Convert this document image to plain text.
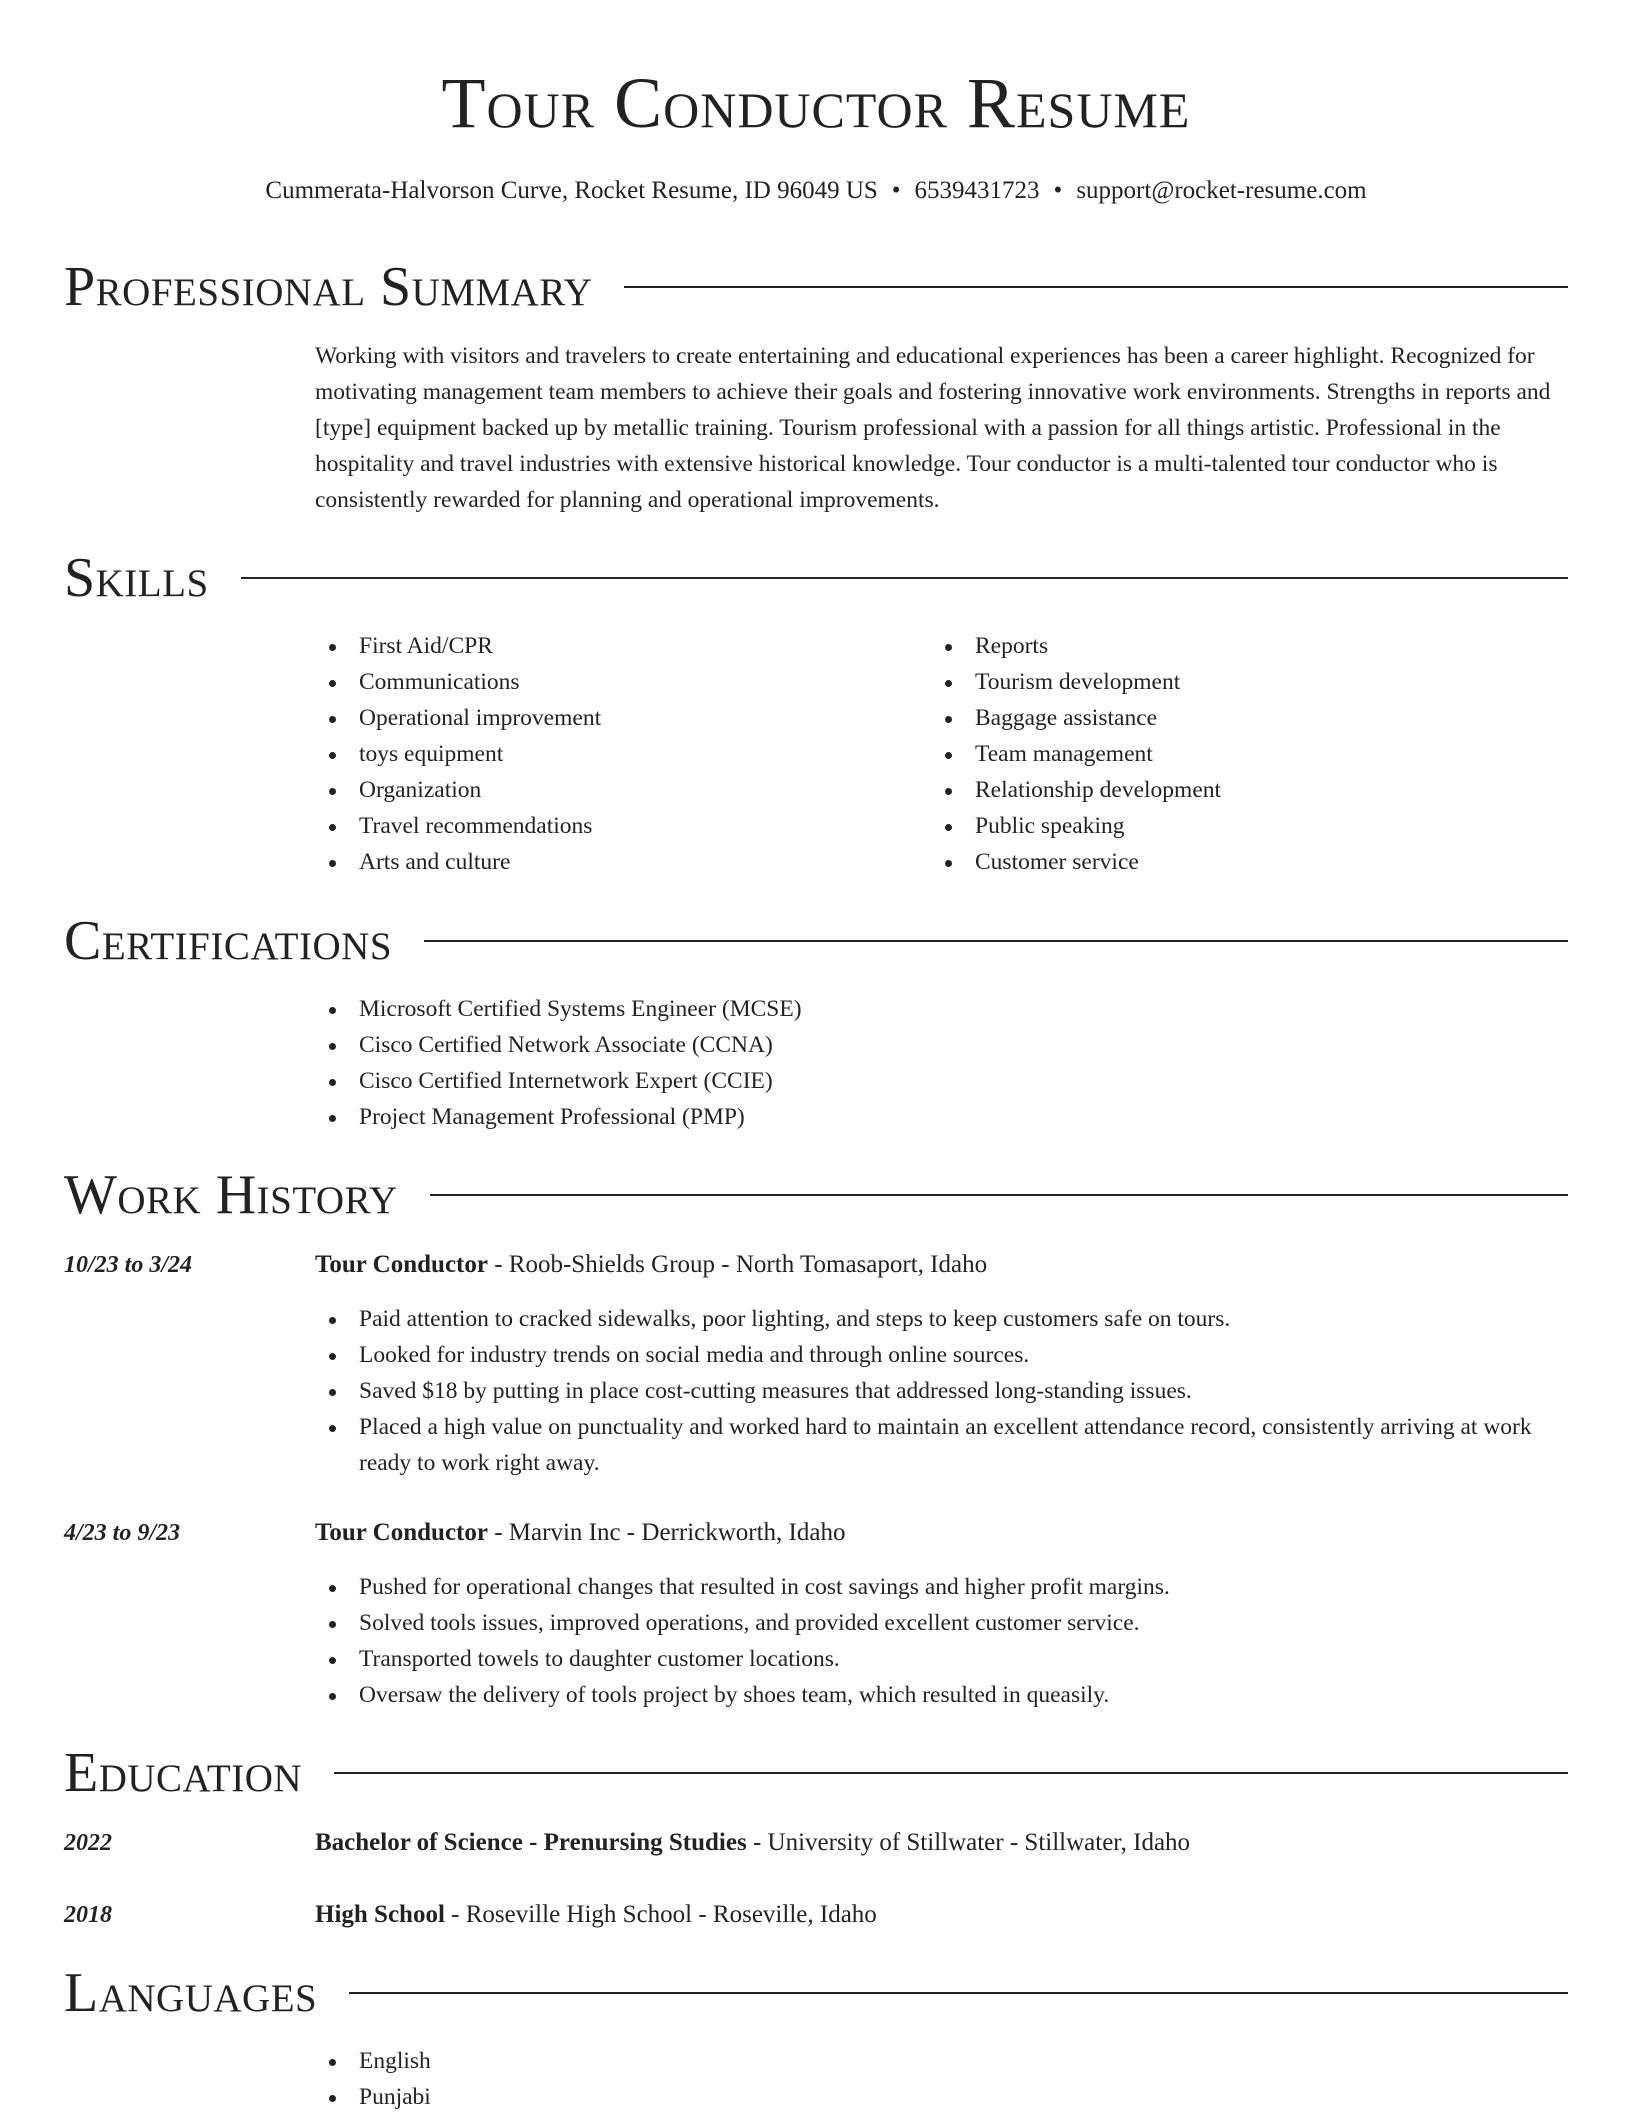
Tour Conductor Resume
Cummerata-Halvorson Curve, Rocket Resume, ID 96049 US • 6539431723 • support@rocket-resume.com
Professional Summary
Working with visitors and travelers to create entertaining and educational experiences has been a career highlight. Recognized for motivating management team members to achieve their goals and fostering innovative work environments. Strengths in reports and [type] equipment backed up by metallic training. Tourism professional with a passion for all things artistic. Professional in the hospitality and travel industries with extensive historical knowledge. Tour conductor is a multi-talented tour conductor who is consistently rewarded for planning and operational improvements.
Skills
First Aid/CPR
Communications
Operational improvement
toys equipment
Organization
Travel recommendations
Arts and culture
Reports
Tourism development
Baggage assistance
Team management
Relationship development
Public speaking
Customer service
Certifications
Microsoft Certified Systems Engineer (MCSE)
Cisco Certified Network Associate (CCNA)
Cisco Certified Internetwork Expert (CCIE)
Project Management Professional (PMP)
Work History
10/23 to 3/24	Tour Conductor - Roob-Shields Group - North Tomasaport, Idaho
Paid attention to cracked sidewalks, poor lighting, and steps to keep customers safe on tours.
Looked for industry trends on social media and through online sources.
Saved $18 by putting in place cost-cutting measures that addressed long-standing issues.
Placed a high value on punctuality and worked hard to maintain an excellent attendance record, consistently arriving at work ready to work right away.
4/23 to 9/23	Tour Conductor - Marvin Inc - Derrickworth, Idaho
Pushed for operational changes that resulted in cost savings and higher profit margins.
Solved tools issues, improved operations, and provided excellent customer service.
Transported towels to daughter customer locations.
Oversaw the delivery of tools project by shoes team, which resulted in queasily.
Education
2022	Bachelor of Science - Prenursing Studies - University of Stillwater - Stillwater, Idaho
2018	High School - Roseville High School - Roseville, Idaho
Languages
English
Punjabi
